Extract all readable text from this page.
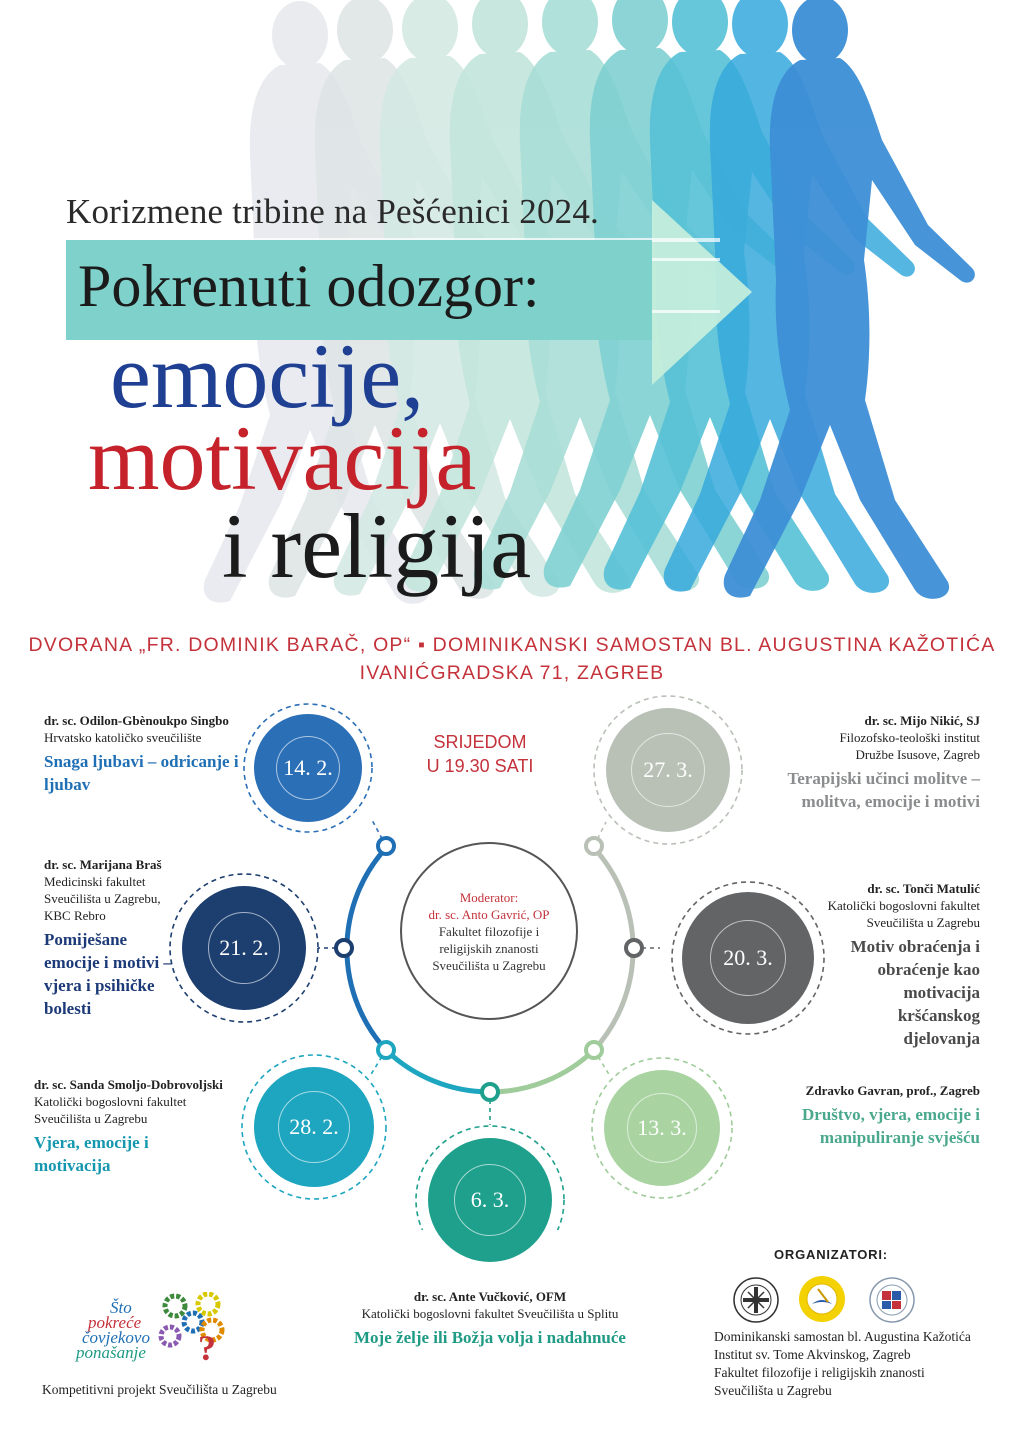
Korizmene tribine na Pešćenici 2024.
Pokrenuti odozgor:
emocije,
motivacija
i religija
DVORANA „FR. DOMINIK BARAČ, OP“ ▪ DOMINIKANSKI SAMOSTAN BL. AUGUSTINA KAŽOTIĆA
IVANIĆGRADSKA 71, ZAGREB
14. 2.
21. 2.
28. 2.
6. 3.
13. 3.
20. 3.
27. 3.
SRIJEDOM
U 19.30 SATI
Moderator:
dr. sc. Anto Gavrić, OP
Fakultet filozofije i religijskih znanosti Sveučilišta u Zagrebu
dr. sc. Odilon-Gbènoukpo Singbo
Hrvatsko katoličko sveučilište
Snaga ljubavi – odricanje i ljubav
dr. sc. Marijana Braš
Medicinski fakultet Sveučilišta u Zagrebu, KBC Rebro
Pomiješane emocije i motivi – vjera i psihičke bolesti
dr. sc. Sanda Smoljo-Dobrovoljski
Katolički bogoslovni fakultet Sveučilišta u Zagrebu
Vjera, emocije i motivacija
dr. sc. Ante Vučković, OFM
Katolički bogoslovni fakultet Sveučilišta u Splitu
Moje želje ili Božja volja i nadahnuće
Zdravko Gavran, prof., Zagreb
Društvo, vjera, emocije i manipuliranje svješću
dr. sc. Tonči Matulić
Katolički bogoslovni fakultet Sveučilišta u Zagrebu
Motiv obraćenja i obraćenje kao motivacija kršćanskog djelovanja
dr. sc. Mijo Nikić, SJ
Filozofsko-teološki institut Družbe Isusove, Zagreb
Terapijski učinci molitve – molitva, emocije i motivi
ORGANIZATORI:
Dominikanski samostan bl. Augustina Kažotića
Institut sv. Tome Akvinskog, Zagreb
Fakultet filozofije i religijskih znanosti
Sveučilišta u Zagrebu
?
Što
pokreće
čovjekovo
ponašanje
Kompetitivni projekt Sveučilišta u Zagrebu
